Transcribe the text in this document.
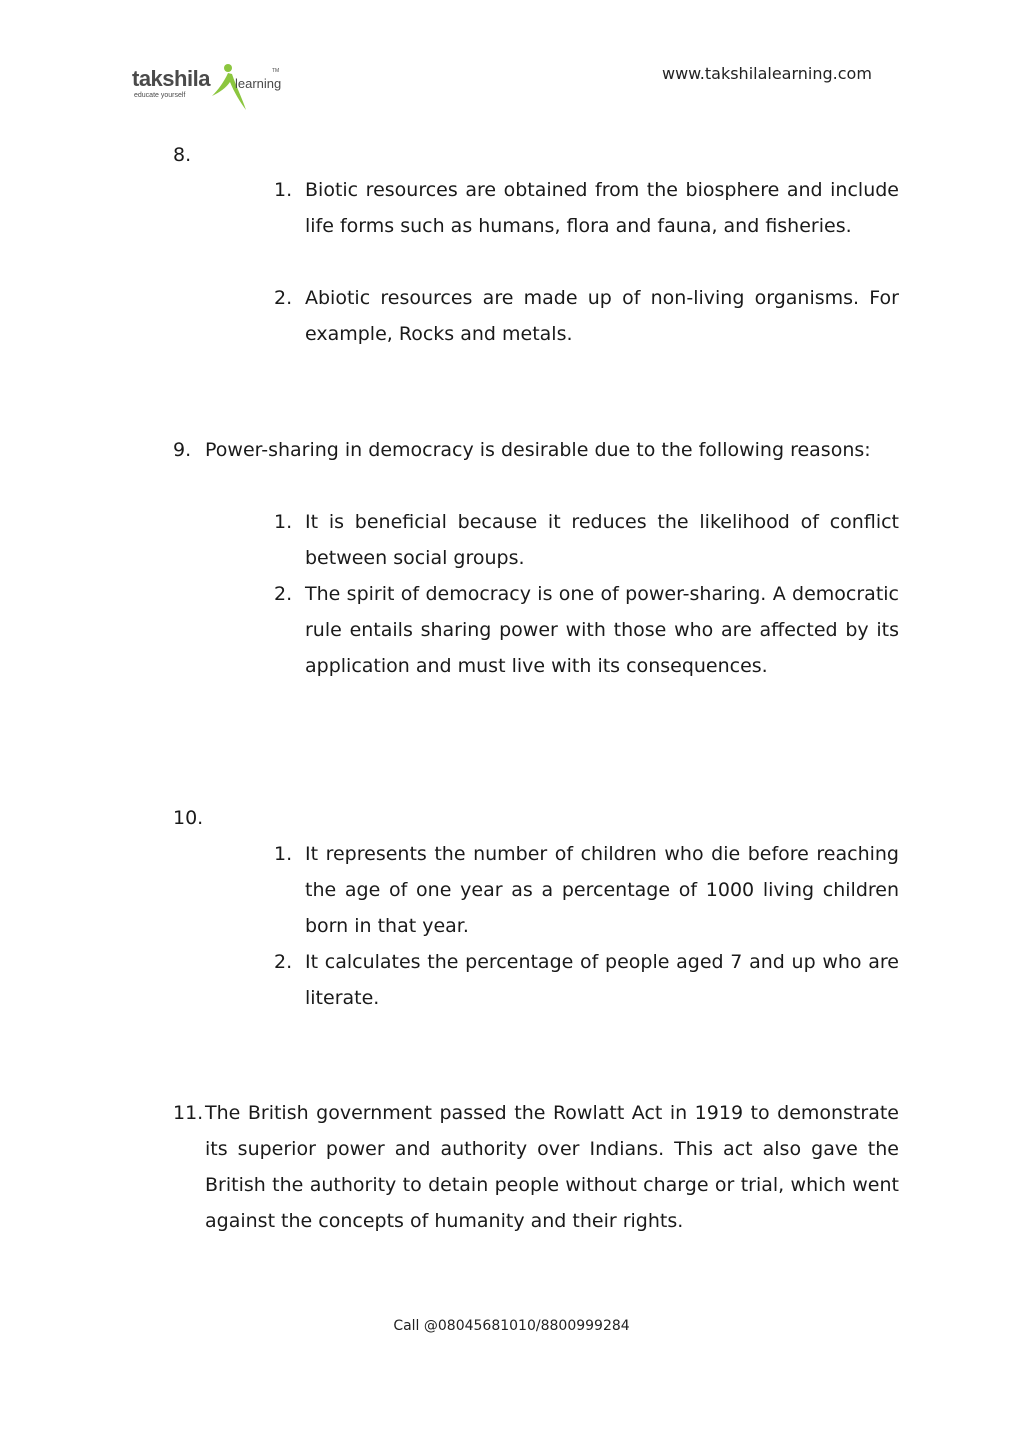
takshila learning
TM
educate yourself
www.takshilalearning.com
8.
1. Biotic resources are obtained from the biosphere and include life forms such as humans, flora and fauna, and fisheries.
2. Abiotic resources are made up of non-living organisms. For example, Rocks and metals.
9. Power-sharing in democracy is desirable due to the following reasons:
1. It is beneficial because it reduces the likelihood of conflict between social groups.
2. The spirit of democracy is one of power-sharing. A democratic rule entails sharing power with those who are affected by its application and must live with its consequences.
10.
1. It represents the number of children who die before reaching the age of one year as a percentage of 1000 living children born in that year.
2. It calculates the percentage of people aged 7 and up who are literate.
11. The British government passed the Rowlatt Act in 1919 to demonstrate its superior power and authority over Indians. This act also gave the British the authority to detain people without charge or trial, which went against the concepts of humanity and their rights.
Call @08045681010/8800999284
